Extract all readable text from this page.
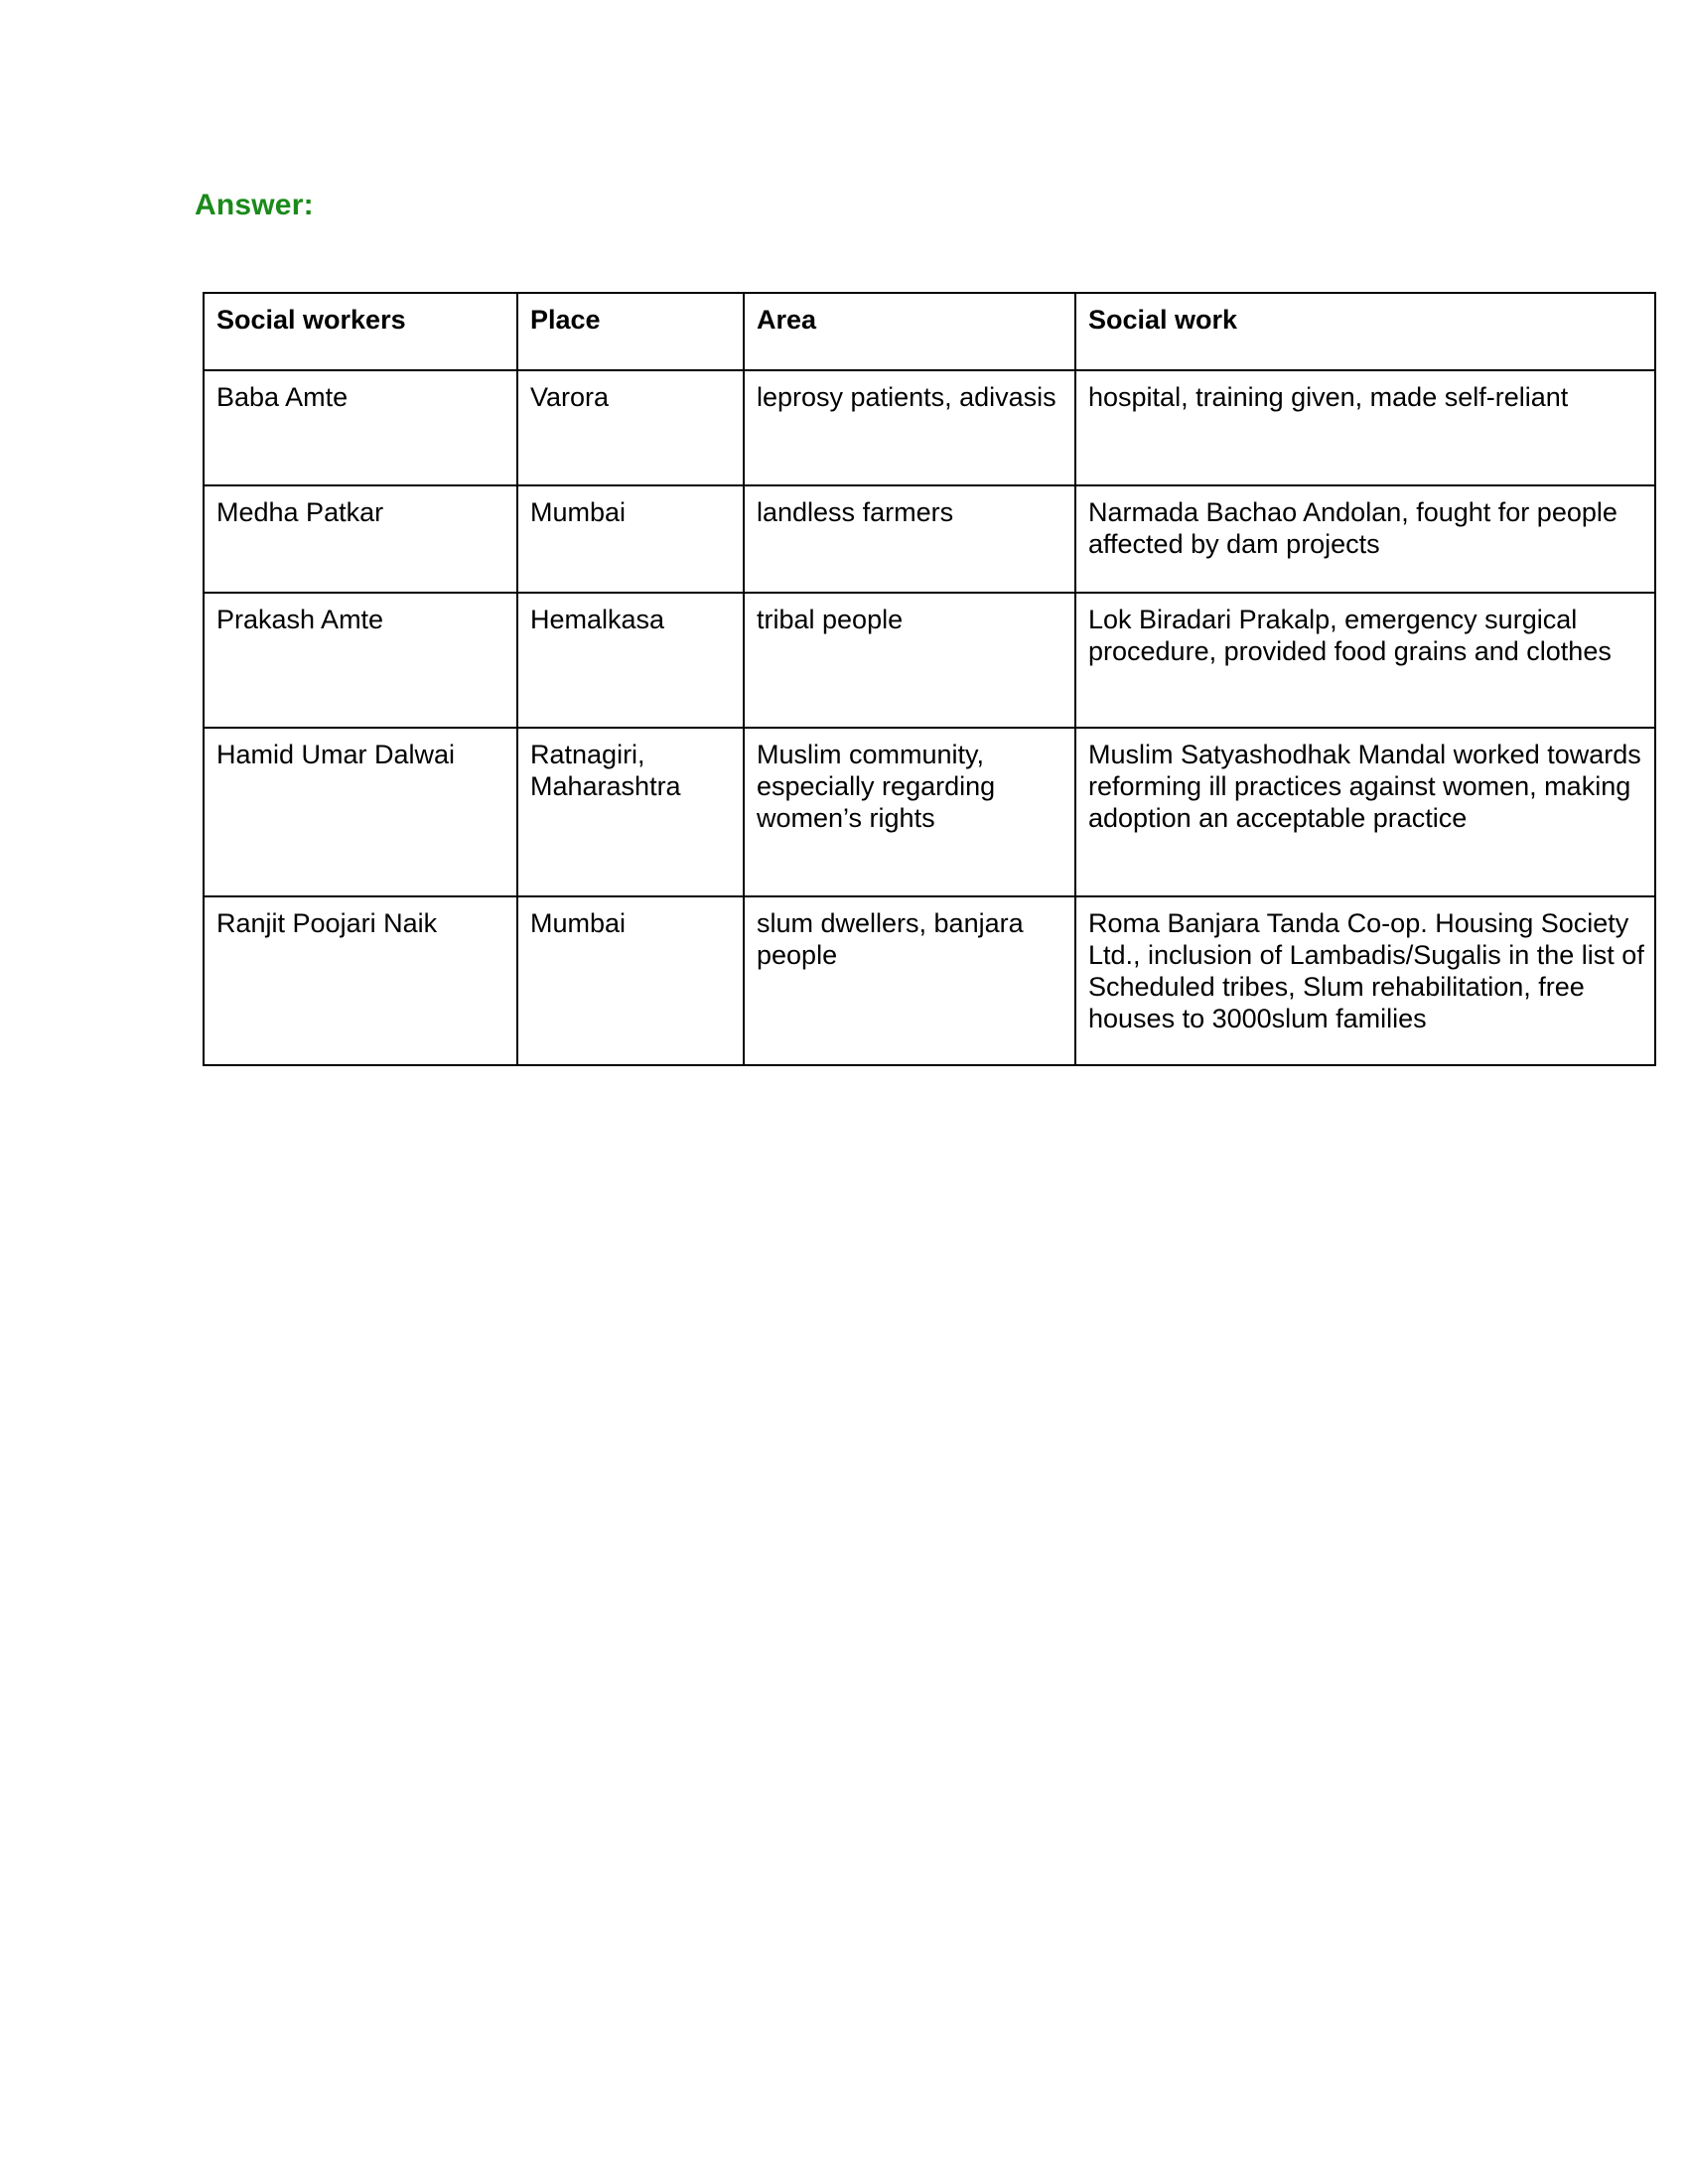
Answer:
Social workers	Place	Area	Social work
Baba Amte	Varora	leprosy patients, adivasis	hospital, training given, made self-reliant
Medha Patkar	Mumbai	landless farmers	Narmada Bachao Andolan, fought for people affected by dam projects
Prakash Amte	Hemalkasa	tribal people	Lok Biradari Prakalp, emergency surgical procedure, provided food grains and clothes
Hamid Umar Dalwai	Ratnagiri, Maharashtra	Muslim community, especially regarding women’s rights	Muslim Satyashodhak Mandal worked towards reforming ill practices against women, making adoption an acceptable practice
Ranjit Poojari Naik	Mumbai	slum dwellers, banjara people	Roma Banjara Tanda Co-op. Housing Society Ltd., inclusion of Lambadis/Sugalis in the list of Scheduled tribes, Slum rehabilitation, free houses to 3000slum families
